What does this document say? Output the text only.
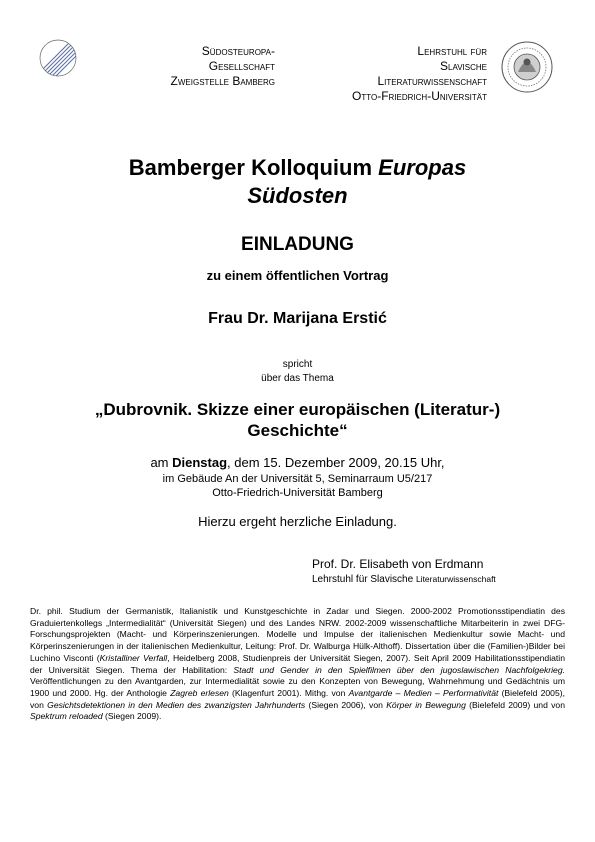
Südosteuropa-
Gesellschaft
Zweigstelle Bamberg
Lehrstuhl für
Slavische
Literaturwissenschaft
Otto-Friedrich-Universität
Bamberger Kolloquium Europas
Südosten
EINLADUNG
zu einem öffentlichen Vortrag
Frau Dr. Marijana Erstić
spricht
über das Thema
„Dubrovnik. Skizze einer europäischen (Literatur-)
Geschichte“
am Dienstag, dem 15. Dezember 2009, 20.15 Uhr,
im Gebäude An der Universität 5, Seminarraum U5/217
Otto-Friedrich-Universität Bamberg
Hierzu ergeht herzliche Einladung.
Prof. Dr. Elisabeth von Erdmann
Lehrstuhl für Slavische Literaturwissenschaft
Dr. phil. Studium der Germanistik, Italianistik und Kunstgeschichte in Zadar und Siegen. 2000-2002 Promotionsstipendiatin des Graduiertenkollegs „Intermedialität“ (Universität Siegen) und des Landes NRW. 2002-2009 wissenschaftliche Mitarbeiterin in zwei DFG-Forschungsprojekten (Macht- und Körperinszenierungen. Modelle und Impulse der italienischen Medienkultur sowie Macht- und Körperinszenierungen in der italienischen Medienkultur, Leitung: Prof. Dr. Walburga Hülk-Althoff). Dissertation über die (Familien-)Bilder bei Luchino Visconti (Kristalliner Verfall, Heidelberg 2008, Studienpreis der Universität Siegen, 2007). Seit April 2009 Habilitationsstipendiatin der Universität Siegen. Thema der Habilitation: Stadt und Gender in den Spielfilmen über den jugoslawischen Nachfolgekrieg. Veröffentlichungen zu den Avantgarden, zur Intermedialität sowie zu den Konzepten von Bewegung, Wahrnehmung und Gedächtnis um 1900 und 2000. Hg. der Anthologie Zagreb erlesen (Klagenfurt 2001). Mithg. von Avantgarde – Medien – Performativität (Bielefeld 2005), von Gesichtsdetektionen in den Medien des zwanzigsten Jahrhunderts (Siegen 2006), von Körper in Bewegung (Bielefeld 2009) und von Spektrum reloaded (Siegen 2009).
